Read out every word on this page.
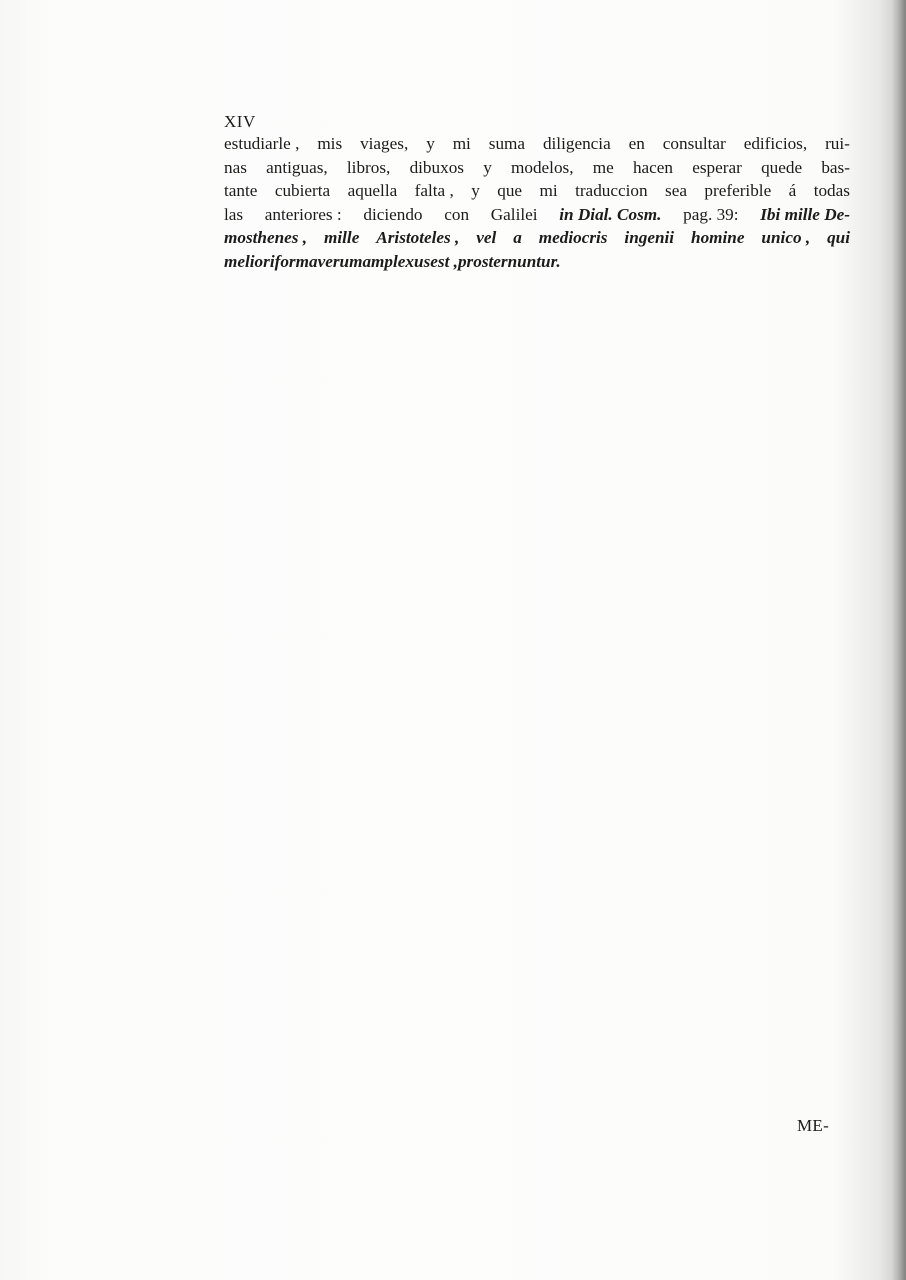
XIV
estudiarle , mis viages, y mi suma diligencia en consultar edificios, rui-
nas antiguas, libros, dibuxos y modelos, me hacen esperar quede bas-
tante cubierta aquella falta , y que mi traduccion sea preferible á todas
las anteriores : diciendo con Galilei in Dial. Cosm. pag. 39: Ibi mille De-
mosthenes , mille Aristoteles , vel a mediocris ingenii homine unico , qui
meliori forma verum amplexus est , prosternuntur.
ME-
